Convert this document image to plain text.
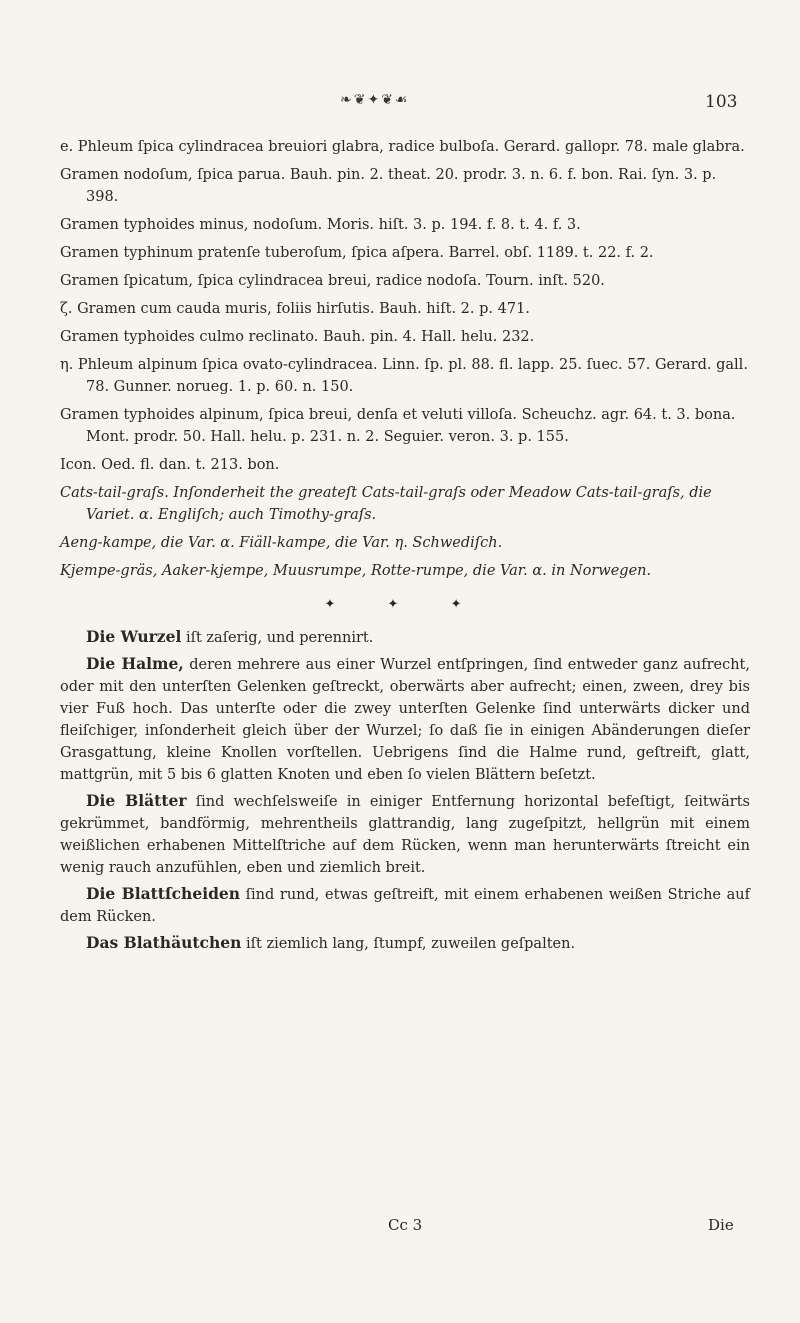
❧❦✦❦☙	103

e. Phleum ſpica cylindracea breuiori glabra, radice bulboſa. Gerard. gallopr. 78. male glabra.

Gramen nodoſum, ſpica parua. Bauh. pin. 2. theat. 20. prodr. 3. n. 6. f. bon. Rai. ſyn. 3. p. 398.

Gramen typhoides minus, nodoſum. Moris. hiſt. 3. p. 194. f. 8. t. 4. f. 3.

Gramen typhinum pratenſe tuberoſum, ſpica aſpera. Barrel. obſ. 1189. t. 22. f. 2.

Gramen ſpicatum, ſpica cylindracea breui, radice nodoſa. Tourn. inſt. 520.

ζ. Gramen cum cauda muris, foliis hirſutis. Bauh. hiſt. 2. p. 471.

Gramen typhoides culmo reclinato. Bauh. pin. 4. Hall. helu. 232.

η. Phleum alpinum ſpica ovato-cylindracea. Linn. ſp. pl. 88. fl. lapp. 25. ſuec. 57. Gerard. gall. 78. Gunner. norueg. 1. p. 60. n. 150.

Gramen typhoides alpinum, ſpica breui, denſa et veluti villoſa. Scheuchz. agr. 64. t. 3. bona. Mont. prodr. 50. Hall. helu. p. 231. n. 2. Seguier. veron. 3. p. 155.

Icon. Oed. fl. dan. t. 213. bon.

Cats-tail-graſs. Inſonderheit the greateſt Cats-tail-graſs oder Meadow Cats-tail-graſs, die Variet. α. Engliſch; auch Timothy-graſs.

Aeng-kampe, die Var. α. Fiäll-kampe, die Var. η. Schwediſch.

Kjempe-gräs, Aaker-kjempe, Muusrumpe, Rotte-rumpe, die Var. α. in Norwegen.

✦ ✦ ✦

Die Wurzel iſt zaſerig, und perennirt.

Die Halme, deren mehrere aus einer Wurzel entſpringen, ſind entweder ganz aufrecht, oder mit den unterſten Gelenken geſtreckt, oberwärts aber aufrecht; einen, zween, drey bis vier Fuß hoch. Das unterſte oder die zwey unterſten Gelenke ſind unterwärts dicker und fleiſchiger, inſonderheit gleich über der Wurzel; ſo daß ſie in einigen Abänderungen dieſer Grasgattung, kleine Knollen vorſtellen. Uebrigens ſind die Halme rund, geſtreift, glatt, mattgrün, mit 5 bis 6 glatten Knoten und eben ſo vielen Blättern beſetzt.

Die Blätter ſind wechſelsweiſe in einiger Entfernung horizontal befeſtigt, ſeitwärts gekrümmet, bandförmig, mehrentheils glattrandig, lang zugeſpitzt, hellgrün mit einem weißlichen erhabenen Mittelſtriche auf dem Rücken, wenn man herunterwärts ſtreicht ein wenig rauch anzufühlen, eben und ziemlich breit.

Die Blattſcheiden ſind rund, etwas geſtreift, mit einem erhabenen weißen Striche auf dem Rücken.

Das Blathäutchen iſt ziemlich lang, ſtumpf, zuweilen geſpalten.

Cc 3	Die
